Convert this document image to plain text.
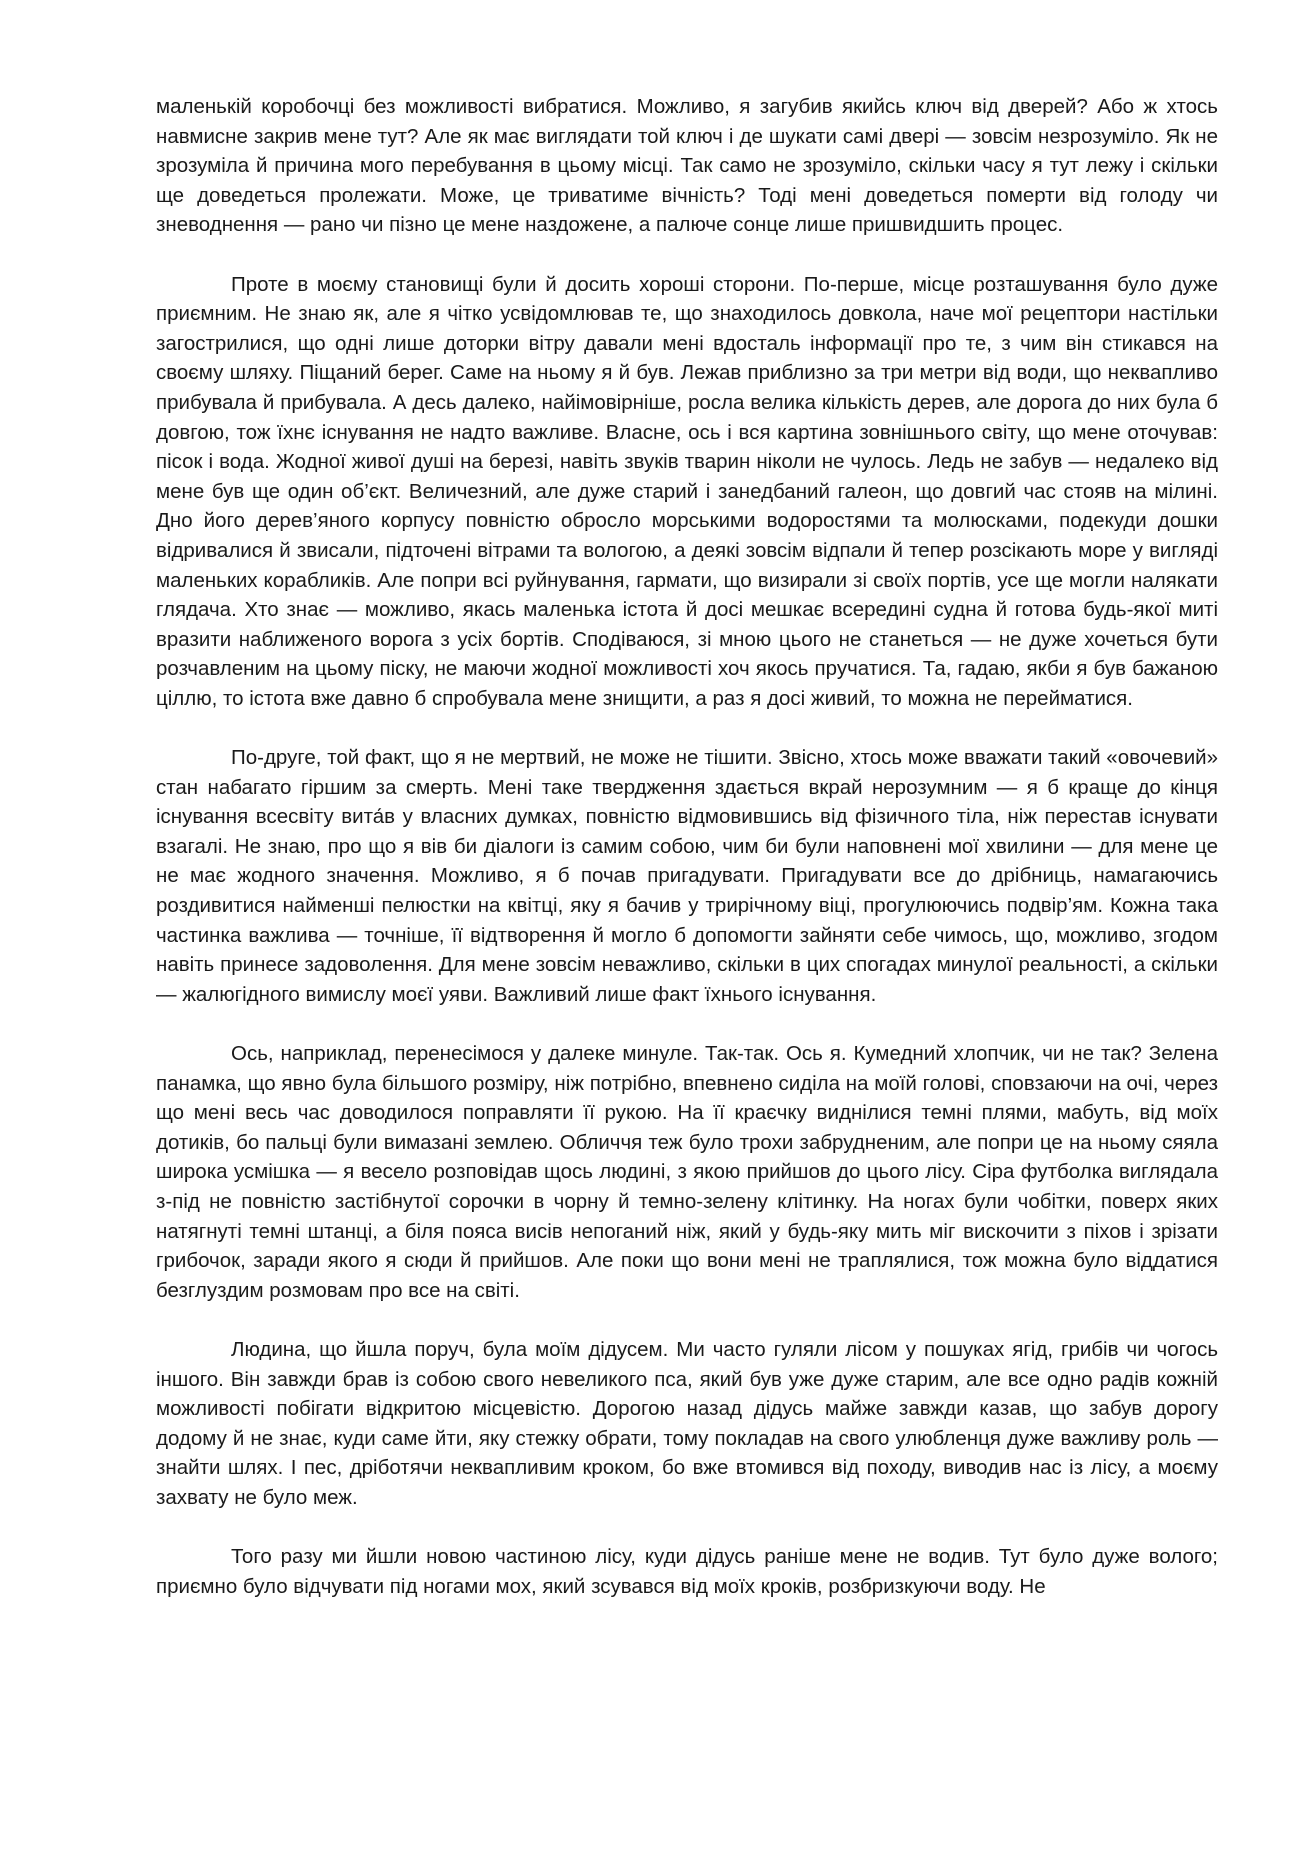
маленькій коробочці без можливості вибратися. Можливо, я загубив якийсь ключ від дверей? Або ж хтось навмисне закрив мене тут? Але як має виглядати той ключ і де шукати самі двері — зовсім незрозуміло. Як не зрозуміла й причина мого перебування в цьому місці. Так само не зрозуміло, скільки часу я тут лежу і скільки ще доведеться пролежати. Може, це триватиме вічність? Тоді мені доведеться померти від голоду чи зневоднення — рано чи пізно це мене наздожене, а палюче сонце лише пришвидшить процес.

Проте в моєму становищі були й досить хороші сторони. По-перше, місце розташування було дуже приємним. Не знаю як, але я чітко усвідомлював те, що знаходилось довкола, наче мої рецептори настільки загострилися, що одні лише доторки вітру давали мені вдосталь інформації про те, з чим він стикався на своєму шляху. Піщаний берег. Саме на ньому я й був. Лежав приблизно за три метри від води, що неквапливо прибувала й прибувала. А десь далеко, найімовірніше, росла велика кількість дерев, але дорога до них була б довгою, тож їхнє існування не надто важливе. Власне, ось і вся картина зовнішнього світу, що мене оточував: пісок і вода. Жодної живої душі на березі, навіть звуків тварин ніколи не чулось. Ледь не забув — недалеко від мене був ще один об’єкт. Величезний, але дуже старий і занедбаний галеон, що довгий час стояв на мілині. Дно його дерев’яного корпусу повністю обросло морськими водоростями та молюсками, подекуди дошки відривалися й звисали, підточені вітрами та вологою, а деякі зовсім відпали й тепер розсікають море у вигляді маленьких корабликів. Але попри всі руйнування, гармати, що визирали зі своїх портів, усе ще могли налякати глядача. Хто знає — можливо, якась маленька істота й досі мешкає всередині судна й готова будь-якої миті вразити наближеного ворога з усіх бортів. Сподіваюся, зі мною цього не станеться — не дуже хочеться бути розчавленим на цьому піску, не маючи жодної можливості хоч якось пручатися. Та, гадаю, якби я був бажаною ціллю, то істота вже давно б спробувала мене знищити, а раз я досі живий, то можна не перейматися.

По-друге, той факт, що я не мертвий, не може не тішити. Звісно, хтось може вважати такий «овочевий» стан набагато гіршим за смерть. Мені таке твердження здається вкрай нерозумним — я б краще до кінця існування всесвіту вита́в у власних думках, повністю відмовившись від фізичного тіла, ніж перестав існувати взагалі. Не знаю, про що я вів би діалоги із самим собою, чим би були наповнені мої хвилини — для мене це не має жодного значення. Можливо, я б почав пригадувати. Пригадувати все до дрібниць, намагаючись роздивитися найменші пелюстки на квітці, яку я бачив у трирічному віці, прогулюючись подвір’ям. Кожна така частинка важлива — точніше, її відтворення й могло б допомогти зайняти себе чимось, що, можливо, згодом навіть принесе задоволення. Для мене зовсім неважливо, скільки в цих спогадах минулої реальності, а скільки — жалюгідного вимислу моєї уяви. Важливий лише факт їхнього існування.

Ось, наприклад, перенесімося у далеке минуле. Так-так. Ось я. Кумедний хлопчик, чи не так? Зелена панамка, що явно була більшого розміру, ніж потрібно, впевнено сиділа на моїй голові, сповзаючи на очі, через що мені весь час доводилося поправляти її рукою. На її краєчку виднілися темні плями, мабуть, від моїх дотиків, бо пальці були вимазані землею. Обличчя теж було трохи забрудненим, але попри це на ньому сяяла широка усмішка — я весело розповідав щось людині, з якою прийшов до цього лісу. Сіра футболка виглядала з-під не повністю застібнутої сорочки в чорну й темно-зелену клітинку. На ногах були чобітки, поверх яких натягнуті темні штанці, а біля пояса висів непоганий ніж, який у будь-яку мить міг вискочити з піхов і зрізати грибочок, заради якого я сюди й прийшов. Але поки що вони мені не траплялися, тож можна було віддатися безглуздим розмовам про все на світі.

Людина, що йшла поруч, була моїм дідусем. Ми часто гуляли лісом у пошуках ягід, грибів чи чогось іншого. Він завжди брав із собою свого невеликого пса, який був уже дуже старим, але все одно радів кожній можливості побігати відкритою місцевістю. Дорогою назад дідусь майже завжди казав, що забув дорогу додому й не знає, куди саме йти, яку стежку обрати, тому покладав на свого улюбленця дуже важливу роль — знайти шлях. І пес, дріботячи неквапливим кроком, бо вже втомився від походу, виводив нас із лісу, а моєму захвату не було меж.

Того разу ми йшли новою частиною лісу, куди дідусь раніше мене не водив. Тут було дуже волого; приємно було відчувати під ногами мох, який зсувався від моїх кроків, розбризкуючи воду. Не
